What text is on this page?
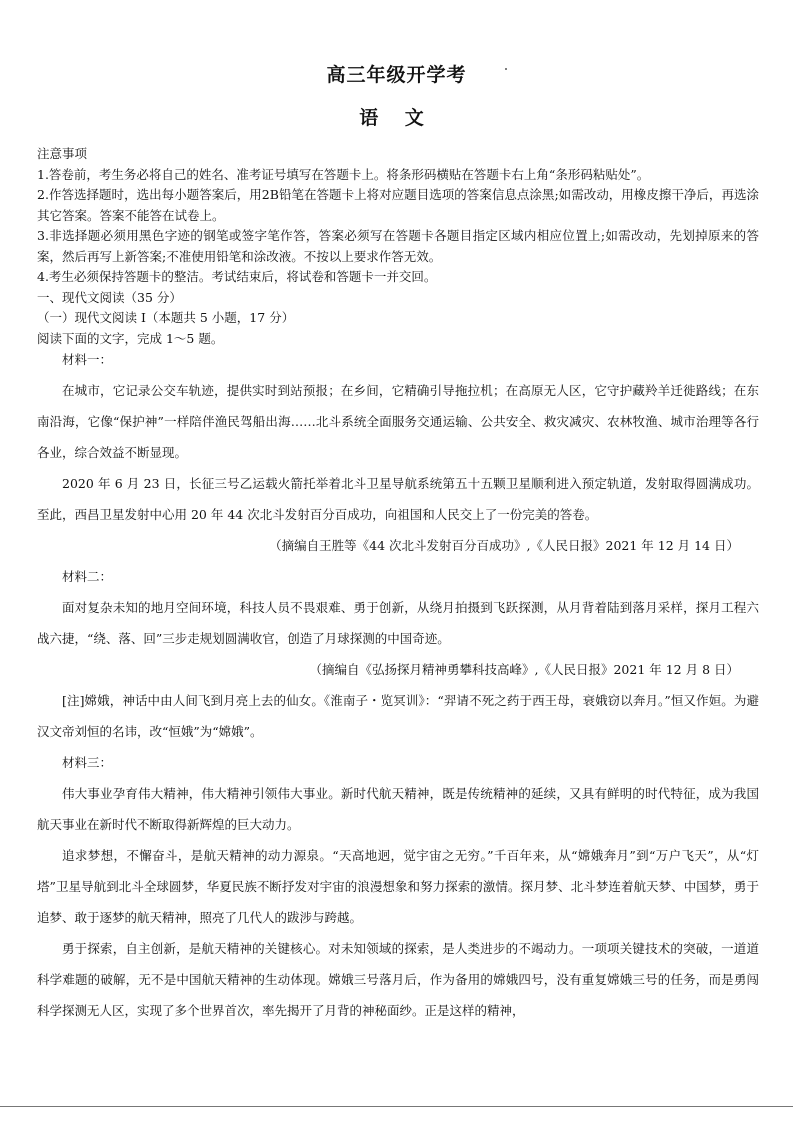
高三年级开学考
语 文

注意事项

1.答卷前，考生务必将自己的姓名、准考证号填写在答题卡上。将条形码横贴在答题卡右上角“条形码粘贴处”。

2.作答选择题时，选出每小题答案后，用2B铅笔在答题卡上将对应题目选项的答案信息点涂黑;如需改动，用橡皮擦干净后，再选涂其它答案。答案不能答在试卷上。

3.非选择题必须用黑色字迹的钢笔或签字笔作答，答案必须写在答题卡各题目指定区域内相应位置上;如需改动，先划掉原来的答案，然后再写上新答案;不准使用铅笔和涂改液。不按以上要求作答无效。

4.考生必须保持答题卡的整洁。考试结束后，将试卷和答题卡一并交回。

一、现代文阅读（35 分）

（一）现代文阅读 I（本题共 5 小题，17 分）

阅读下面的文字，完成 1～5 题。

材料一：

在城市，它记录公交车轨迹，提供实时到站预报；在乡间，它精确引导拖拉机；在高原无人区，它守护藏羚羊迁徙路线；在东南沿海，它像“保护神”一样陪伴渔民驾船出海……北斗系统全面服务交通运输、公共安全、救灾减灾、农林牧渔、城市治理等各行各业，综合效益不断显现。

2020 年 6 月 23 日，长征三号乙运载火箭托举着北斗卫星导航系统第五十五颗卫星顺利进入预定轨道，发射取得圆满成功。至此，西昌卫星发射中心用 20 年 44 次北斗发射百分百成功，向祖国和人民交上了一份完美的答卷。

（摘编自王胜等《44 次北斗发射百分百成功》,《人民日报》2021 年 12 月 14 日）

材料二：

面对复杂未知的地月空间环境，科技人员不畏艰难、勇于创新，从绕月拍摄到飞跃探测，从月背着陆到落月采样，探月工程六战六捷，“绕、落、回”三步走规划圆满收官，创造了月球探测的中国奇迹。

（摘编自《弘扬探月精神勇攀科技高峰》,《人民日报》2021 年 12 月 8 日）

[注]嫦娥，神话中由人间飞到月亮上去的仙女。《淮南子・览冥训》：“羿请不死之药于西王母，衰娥窃以奔月。”恒又作姮。为避汉文帝刘恒的名讳，改“恒娥”为“嫦娥”。

材料三：

伟大事业孕育伟大精神，伟大精神引领伟大事业。新时代航天精神，既是传统精神的延续，又具有鲜明的时代特征，成为我国航天事业在新时代不断取得新辉煌的巨大动力。

追求梦想，不懈奋斗，是航天精神的动力源泉。“天高地迥，觉宇宙之无穷。”千百年来，从“嫦娥奔月”到“万户飞天”，从“灯塔”卫星导航到北斗全球圆梦，华夏民族不断抒发对宇宙的浪漫想象和努力探索的激情。探月梦、北斗梦连着航天梦、中国梦，勇于追梦、敢于逐梦的航天精神，照亮了几代人的跋涉与跨越。

勇于探索，自主创新，是航天精神的关键核心。对未知领域的探索，是人类进步的不竭动力。一项项关键技术的突破，一道道科学难题的破解，无不是中国航天精神的生动体现。嫦娥三号落月后，作为备用的嫦娥四号，没有重复嫦娥三号的任务，而是勇闯科学探测无人区，实现了多个世界首次，率先揭开了月背的神秘面纱。正是这样的精神，
